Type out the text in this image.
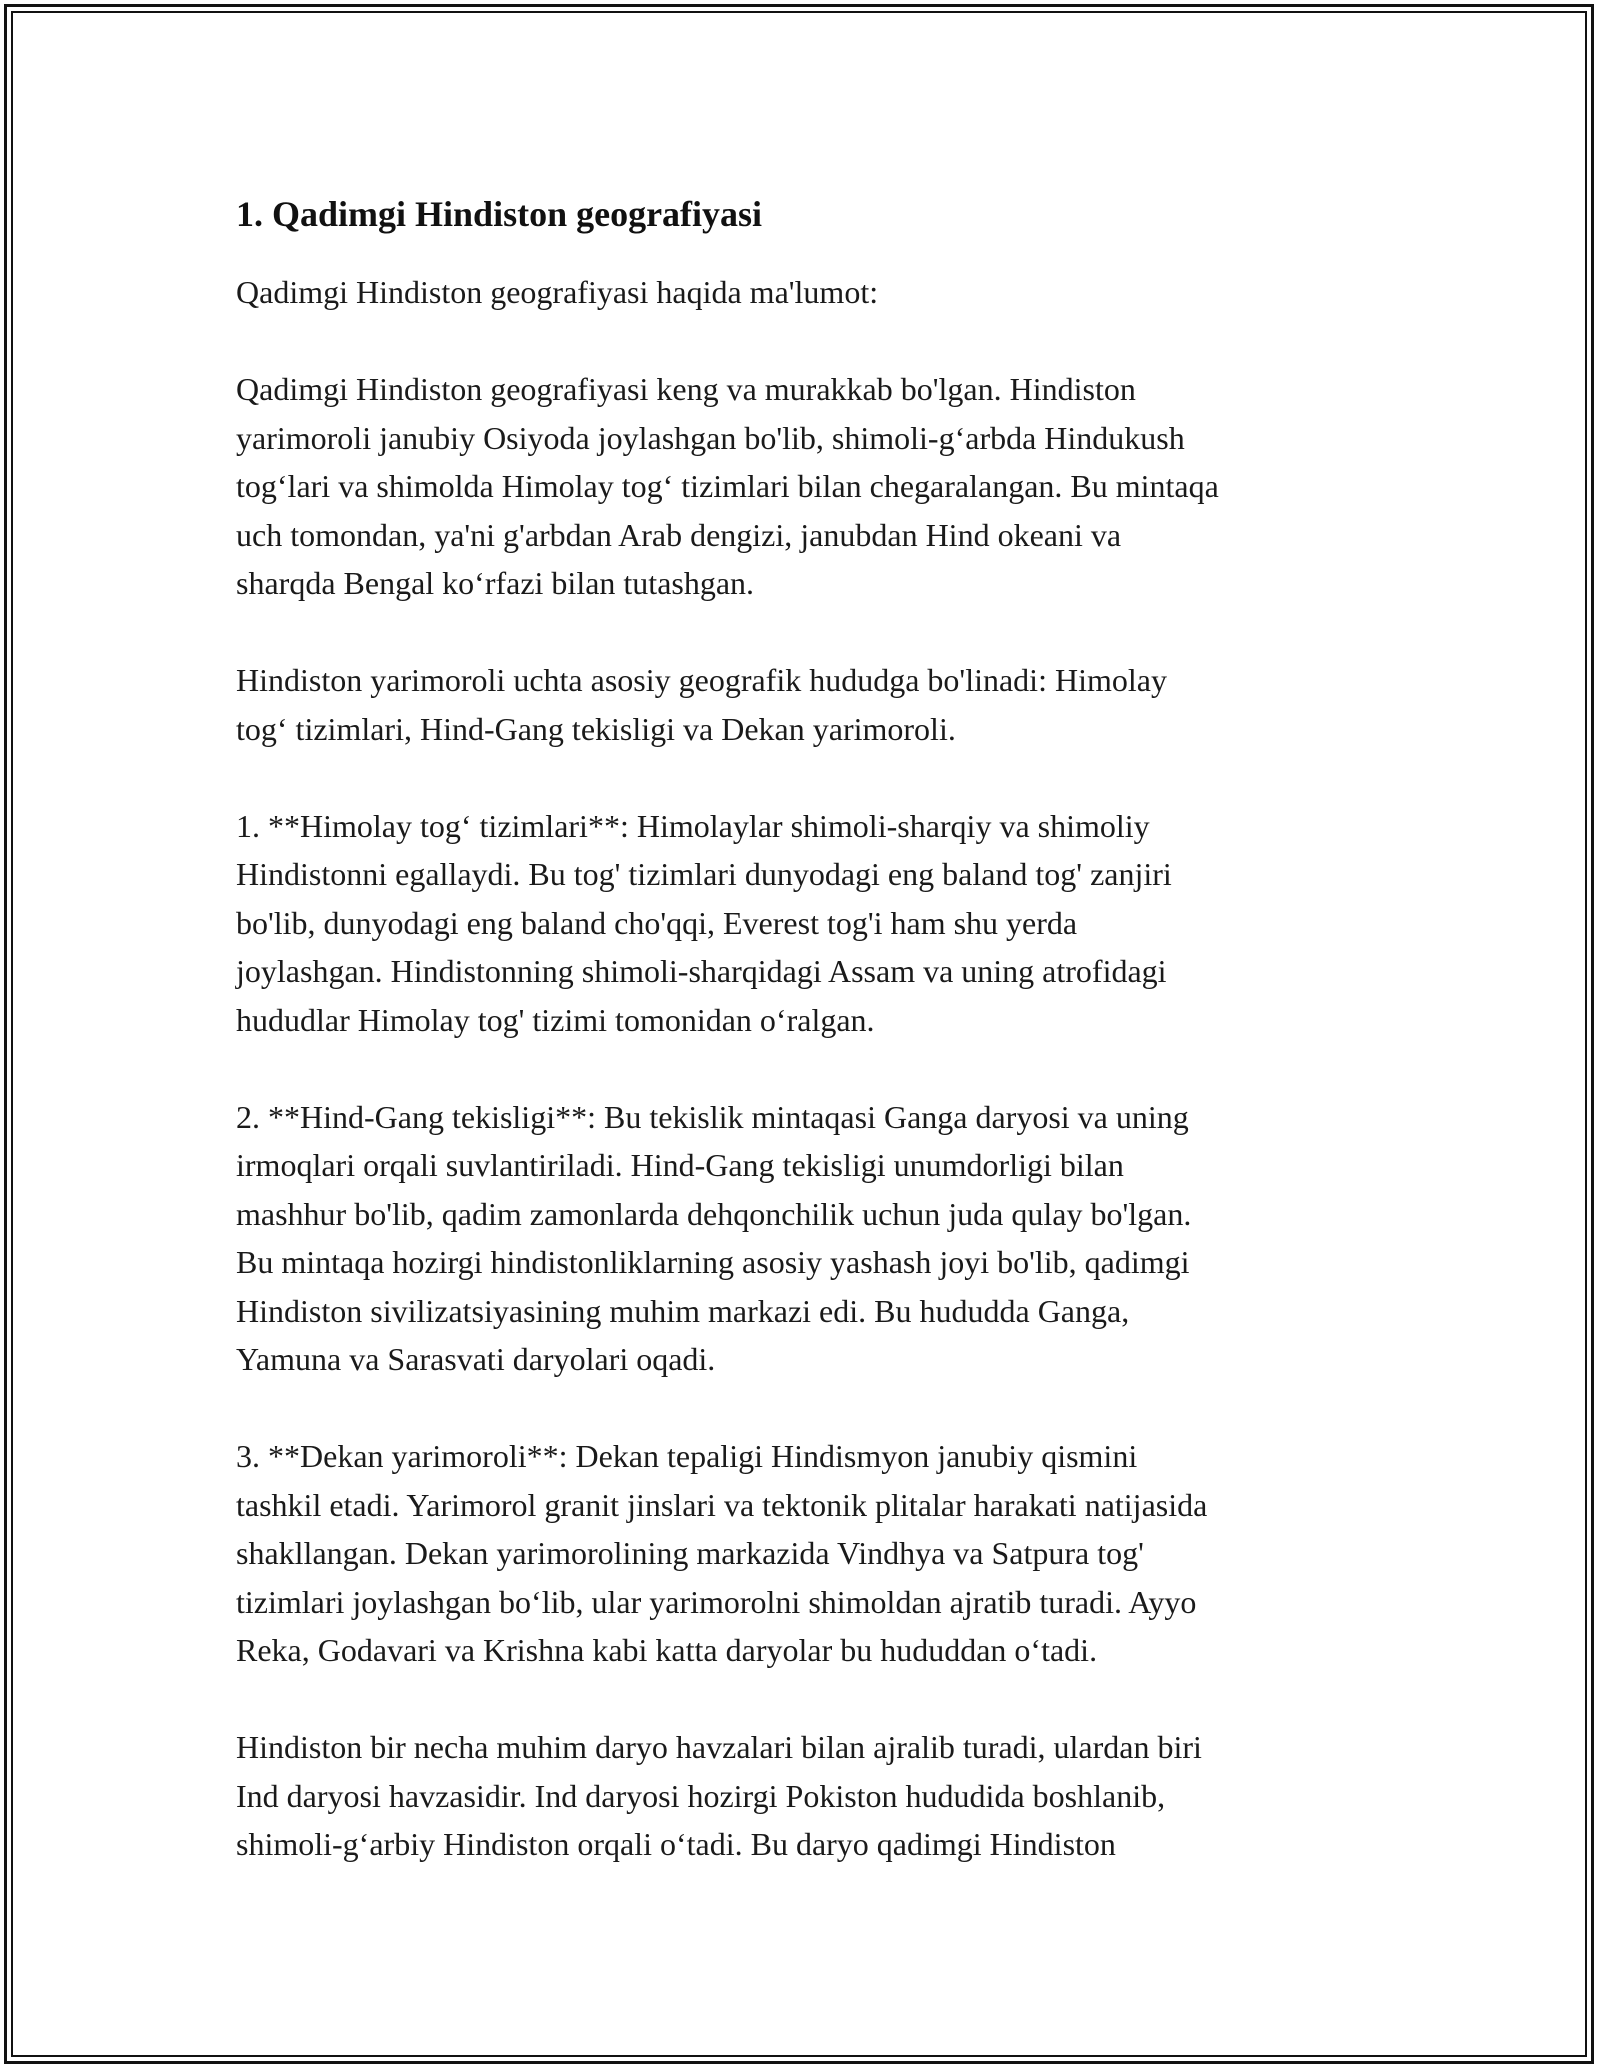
1. Qadimgi Hindiston geografiyasi

Qadimgi Hindiston geografiyasi haqida ma'lumot:

Qadimgi Hindiston geografiyasi keng va murakkab bo'lgan. Hindiston
yarimoroli janubiy Osiyoda joylashgan bo'lib, shimoli-g‘arbda Hindukush
tog‘lari va shimolda Himolay tog‘ tizimlari bilan chegaralangan. Bu mintaqa
uch tomondan, ya'ni g'arbdan Arab dengizi, janubdan Hind okeani va
sharqda Bengal ko‘rfazi bilan tutashgan.

Hindiston yarimoroli uchta asosiy geografik hududga bo'linadi: Himolay
tog‘ tizimlari, Hind-Gang tekisligi va Dekan yarimoroli.

1. **Himolay tog‘ tizimlari**: Himolaylar shimoli-sharqiy va shimoliy
Hindistonni egallaydi. Bu tog' tizimlari dunyodagi eng baland tog' zanjiri
bo'lib, dunyodagi eng baland cho'qqi, Everest tog'i ham shu yerda
joylashgan. Hindistonning shimoli-sharqidagi Assam va uning atrofidagi
hududlar Himolay tog' tizimi tomonidan o‘ralgan.

2. **Hind-Gang tekisligi**: Bu tekislik mintaqasi Ganga daryosi va uning
irmoqlari orqali suvlantiriladi. Hind-Gang tekisligi unumdorligi bilan
mashhur bo'lib, qadim zamonlarda dehqonchilik uchun juda qulay bo'lgan.
Bu mintaqa hozirgi hindistonliklarning asosiy yashash joyi bo'lib, qadimgi
Hindiston sivilizatsiyasining muhim markazi edi. Bu hududda Ganga,
Yamuna va Sarasvati daryolari oqadi.

3. **Dekan yarimoroli**: Dekan tepaligi Hindismyon janubiy qismini
tashkil etadi. Yarimorol granit jinslari va tektonik plitalar harakati natijasida
shakllangan. Dekan yarimorolining markazida Vindhya va Satpura tog'
tizimlari joylashgan bo‘lib, ular yarimorolni shimoldan ajratib turadi. Ayyo
Reka, Godavari va Krishna kabi katta daryolar bu hududdan o‘tadi.

Hindiston bir necha muhim daryo havzalari bilan ajralib turadi, ulardan biri
Ind daryosi havzasidir. Ind daryosi hozirgi Pokiston hududida boshlanib,
shimoli-g‘arbiy Hindiston orqali o‘tadi. Bu daryo qadimgi Hindiston
